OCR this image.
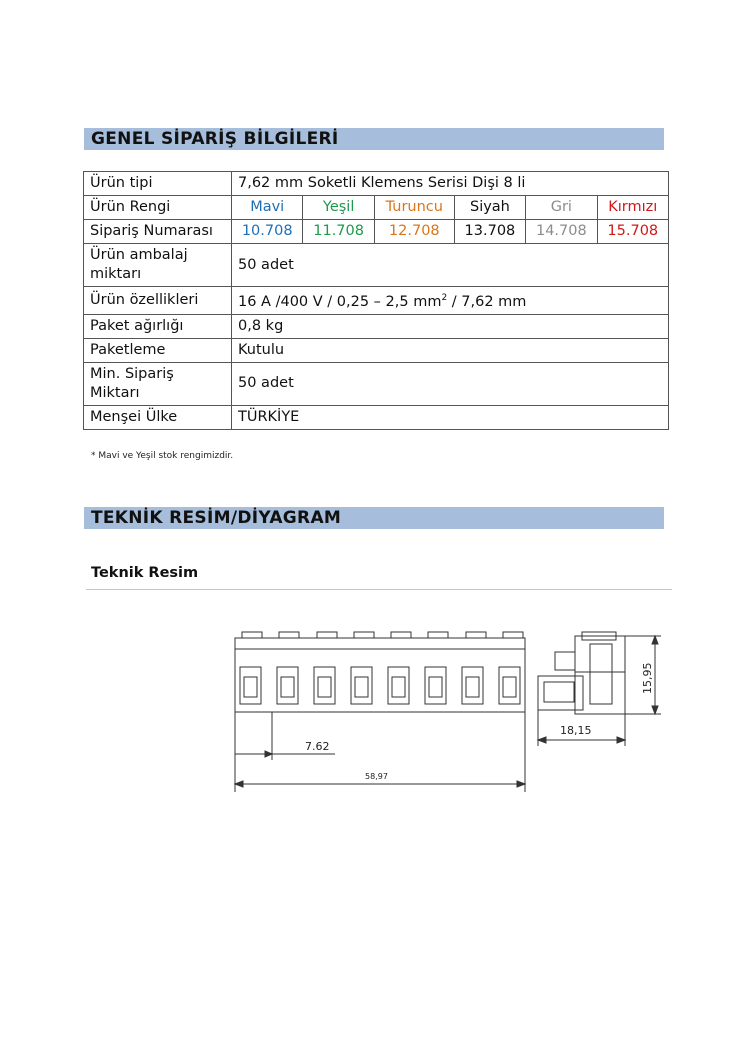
GENEL SİPARİŞ BİLGİLERİ
Ürün tipi	7,62 mm Soketli Klemens Serisi Dişi 8 li					
Ürün Rengi	Mavi	Yeşil	Turuncu	Siyah	Gri	Kırmızı
Sipariş Numarası	10.708	11.708	12.708	13.708	14.708	15.708
Ürün ambalaj miktarı	50 adet					
Ürün özellikleri	16 A /400 V / 0,25 – 2,5 $mm^2 / 7,62$ mm					
Paket ağırlığı	0,8 kg					
Paketleme	Kutulu					
Min. Sipariş Miktarı	50 adet					
Menşei Ülke	TÜRKİYE					
* Mavi ve Yeşil stok rengimizdir.
TEKNİK RESİM/DİYAGRAM
Teknik Resim
7.62
58,97
18,15
15,95
